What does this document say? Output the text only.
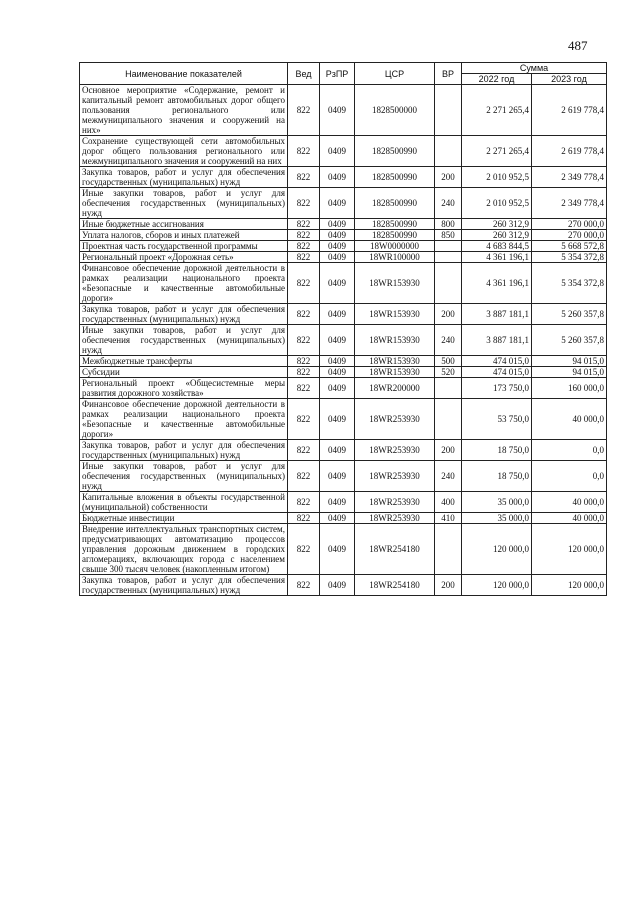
487
Наименование показателей	Вед	РзПР	ЦСР	ВР	Сумма	
					2022 год	2023 год
Основное мероприятие «Содержание, ремонт и капитальный ремонт автомобильных дорог общего пользования регионального или межмуниципального значения и сооружений на них»	822	0409	1828500000		2 271 265,4	2 619 778,4
Сохранение существующей сети автомобильных дорог общего пользования регионального или межмуниципального значения и сооружений на них	822	0409	1828500990		2 271 265,4	2 619 778,4
Закупка товаров, работ и услуг для обеспечения государственных (муниципальных) нужд	822	0409	1828500990	200	2 010 952,5	2 349 778,4
Иные закупки товаров, работ и услуг для обеспечения государственных (муниципальных) нужд	822	0409	1828500990	240	2 010 952,5	2 349 778,4
Иные бюджетные ассигнования	822	0409	1828500990	800	260 312,9	270 000,0
Уплата налогов, сборов и иных платежей	822	0409	1828500990	850	260 312,9	270 000,0
Проектная часть государственной программы	822	0409	18W0000000		4 683 844,5	5 668 572,8
Региональный проект «Дорожная сеть»	822	0409	18WR100000		4 361 196,1	5 354 372,8
Финансовое обеспечение дорожной деятельности в рамках реализации национального проекта «Безопасные и качественные автомобильные дороги»	822	0409	18WR153930		4 361 196,1	5 354 372,8
Закупка товаров, работ и услуг для обеспечения государственных (муниципальных) нужд	822	0409	18WR153930	200	3 887 181,1	5 260 357,8
Иные закупки товаров, работ и услуг для обеспечения государственных (муниципальных) нужд	822	0409	18WR153930	240	3 887 181,1	5 260 357,8
Межбюджетные трансферты	822	0409	18WR153930	500	474 015,0	94 015,0
Субсидии	822	0409	18WR153930	520	474 015,0	94 015,0
Региональный проект «Общесистемные меры развития дорожного хозяйства»	822	0409	18WR200000		173 750,0	160 000,0
Финансовое обеспечение дорожной деятельности в рамках реализации национального проекта «Безопасные и качественные автомобильные дороги»	822	0409	18WR253930		53 750,0	40 000,0
Закупка товаров, работ и услуг для обеспечения государственных (муниципальных) нужд	822	0409	18WR253930	200	18 750,0	0,0
Иные закупки товаров, работ и услуг для обеспечения государственных (муниципальных) нужд	822	0409	18WR253930	240	18 750,0	0,0
Капитальные вложения в объекты государственной (муниципальной) собственности	822	0409	18WR253930	400	35 000,0	40 000,0
Бюджетные инвестиции	822	0409	18WR253930	410	35 000,0	40 000,0
Внедрение интеллектуальных транспортных систем, предусматривающих автоматизацию процессов управления дорожным движением в городских агломерациях, включающих города с населением свыше 300 тысяч человек (накопленным итогом)	822	0409	18WR254180		120 000,0	120 000,0
Закупка товаров, работ и услуг для обеспечения государственных (муниципальных) нужд	822	0409	18WR254180	200	120 000,0	120 000,0
